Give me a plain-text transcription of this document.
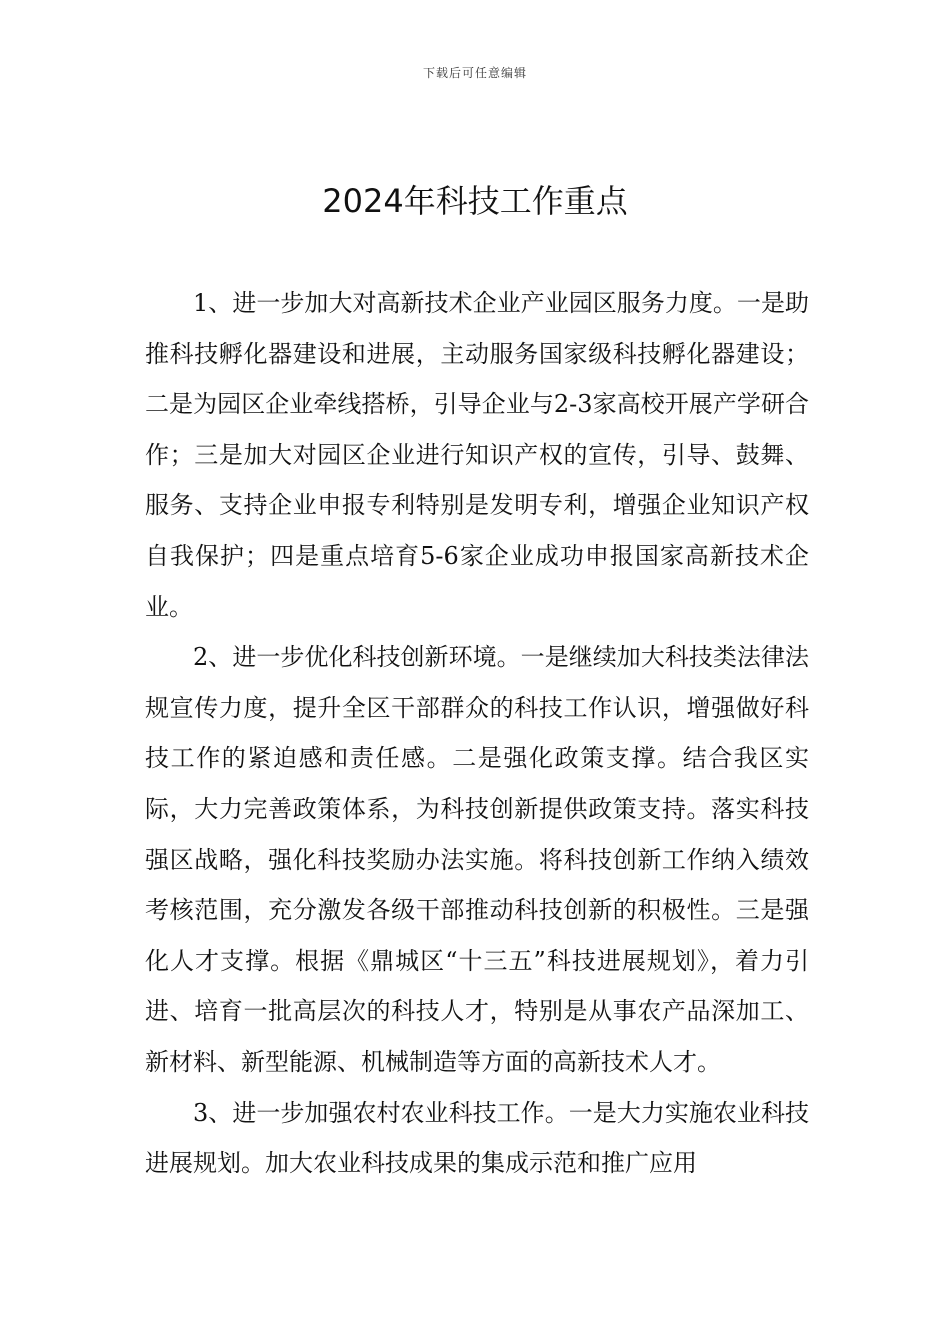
下载后可任意编辑
2024年科技工作重点

1、进一步加大对高新技术企业产业园区服务力度。一是助推科技孵化器建设和进展，主动服务国家级科技孵化器建设；二是为园区企业牵线搭桥，引导企业与2-3家高校开展产学研合作；三是加大对园区企业进行知识产权的宣传，引导、鼓舞、服务、支持企业申报专利特别是发明专利，增强企业知识产权自我保护；四是重点培育5-6家企业成功申报国家高新技术企业。

2、进一步优化科技创新环境。一是继续加大科技类法律法规宣传力度，提升全区干部群众的科技工作认识，增强做好科技工作的紧迫感和责任感。二是强化政策支撑。结合我区实际，大力完善政策体系，为科技创新提供政策支持。落实科技强区战略，强化科技奖励办法实施。将科技创新工作纳入绩效考核范围，充分激发各级干部推动科技创新的积极性。三是强化人才支撑。根据《鼎城区“十三五”科技进展规划》，着力引进、培育一批高层次的科技人才，特别是从事农产品深加工、新材料、新型能源、机械制造等方面的高新技术人才。

3、进一步加强农村农业科技工作。一是大力实施农业科技进展规划。加大农业科技成果的集成示范和推广应用
